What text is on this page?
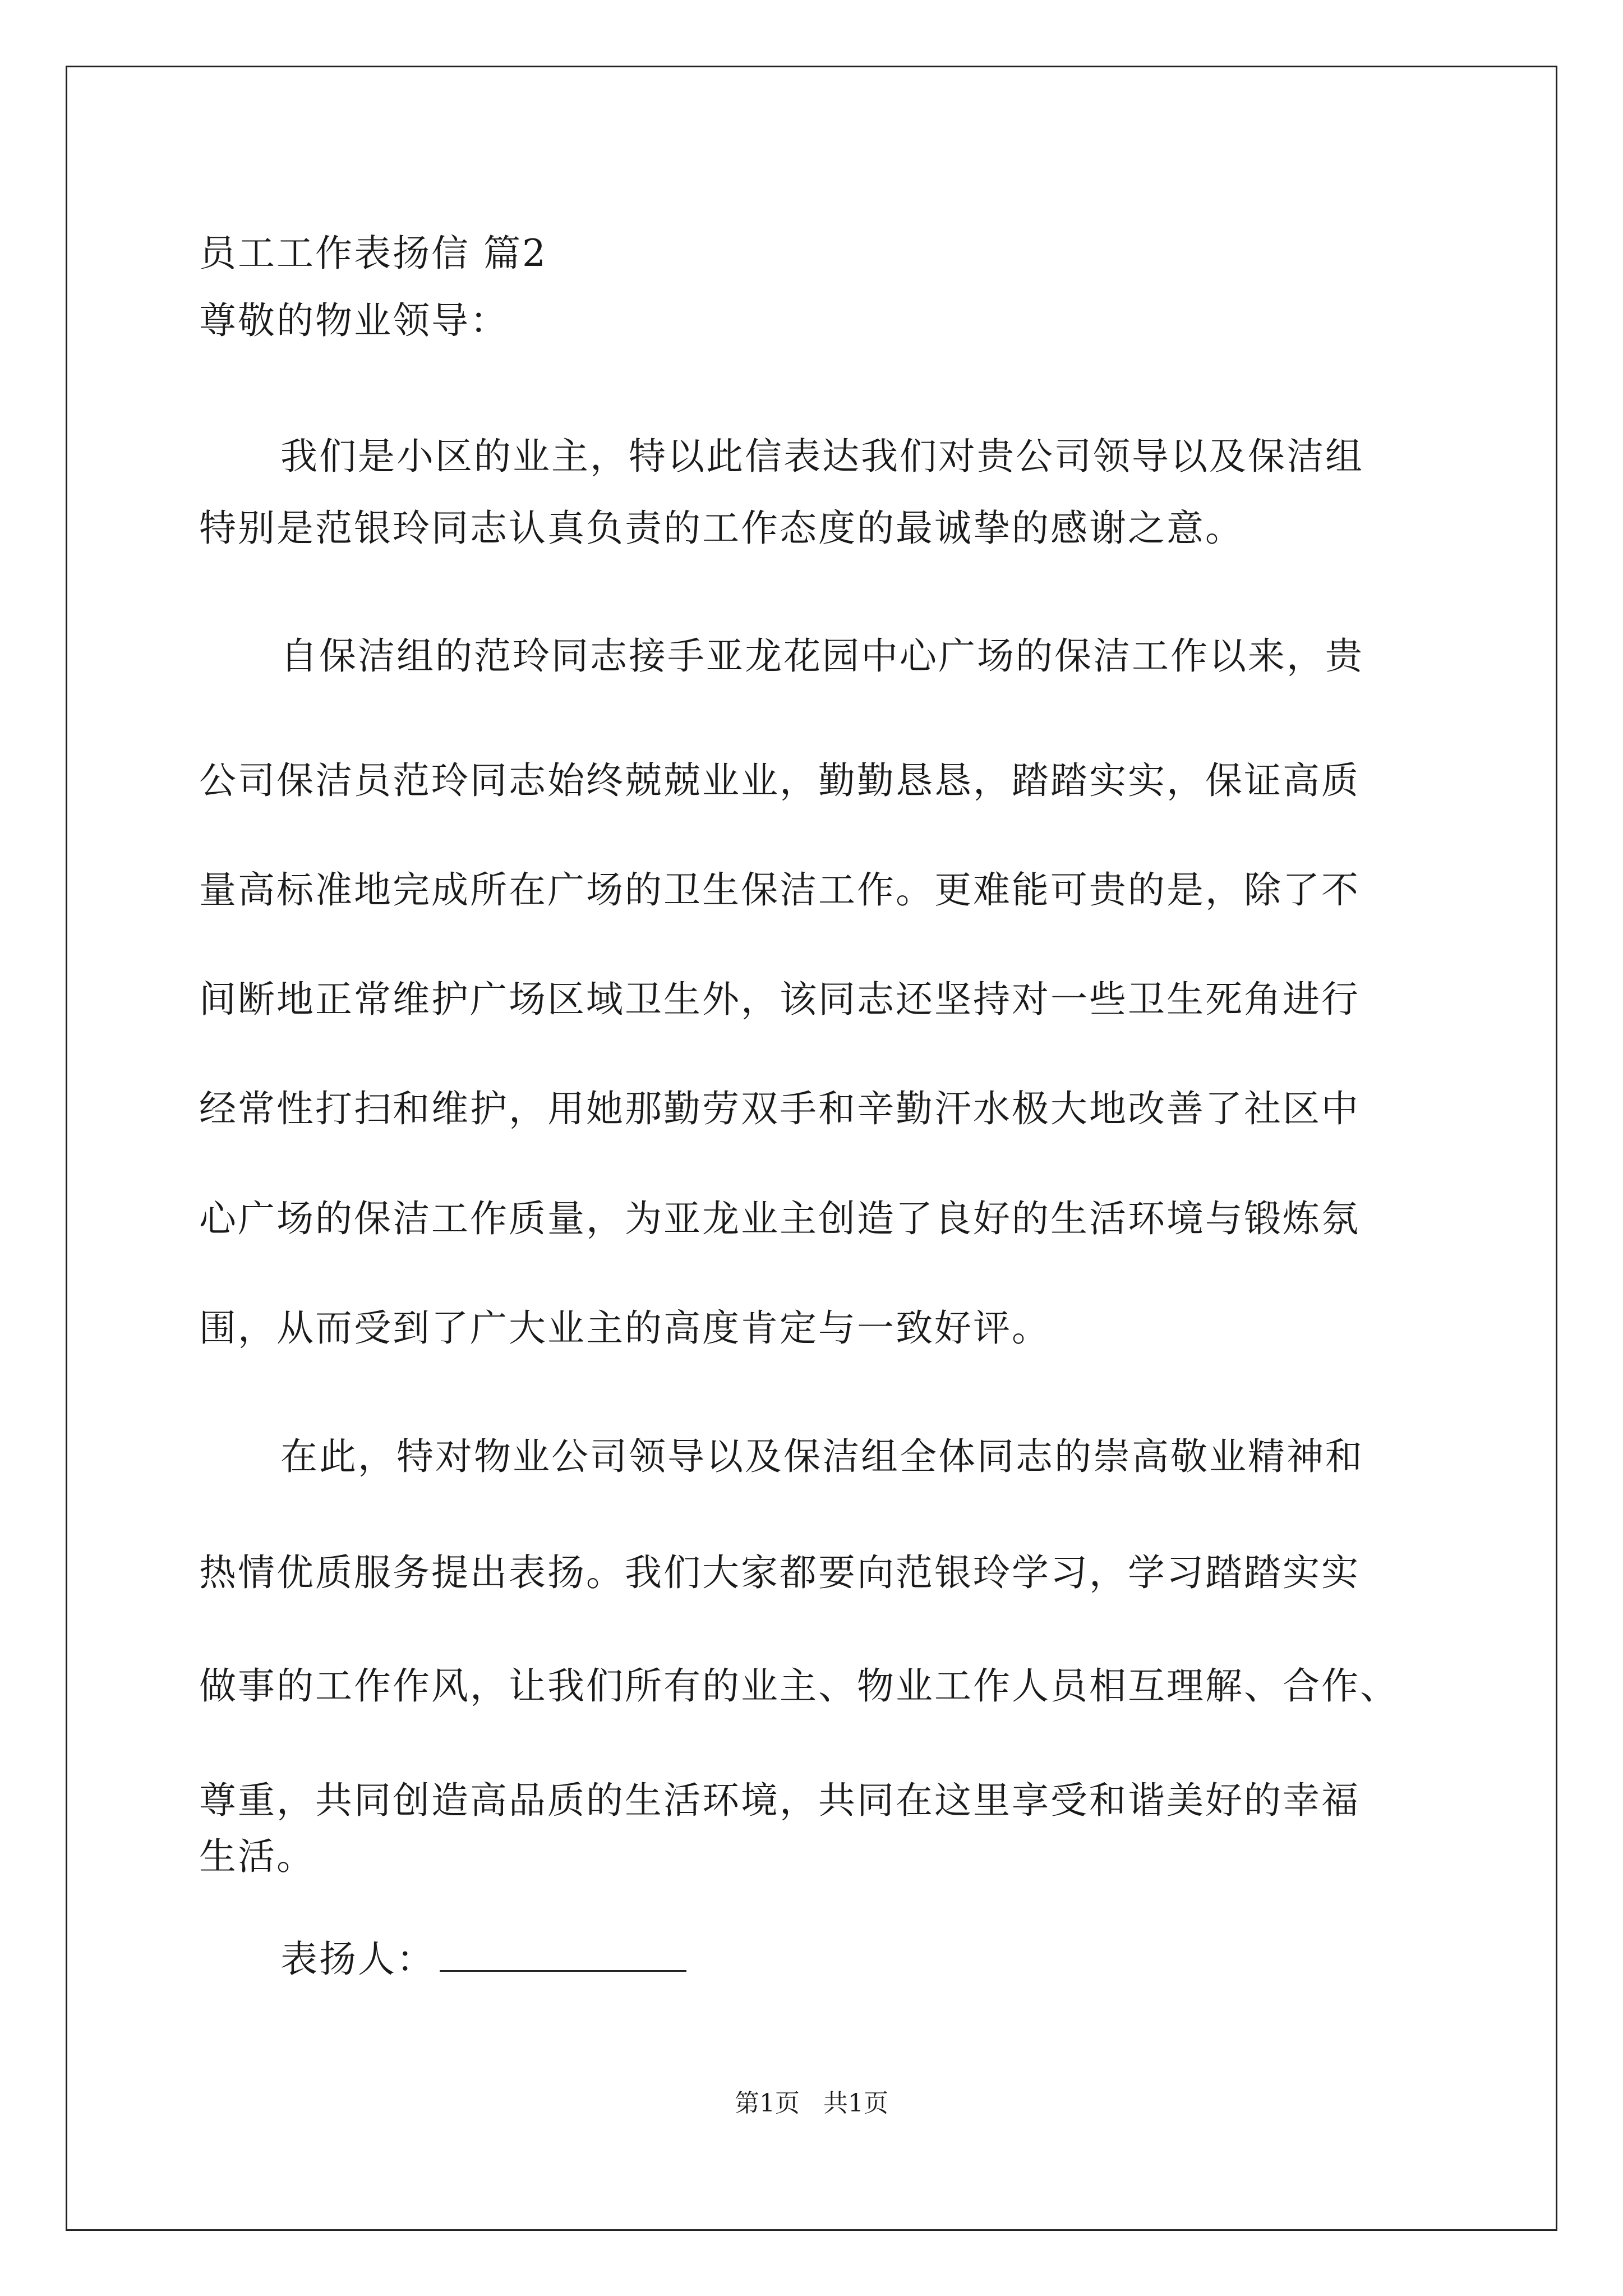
员工工作表扬信 篇2
尊敬的物业领导：
我们是小区的业主，特以此信表达我们对贵公司领导以及保洁组
特别是范银玲同志认真负责的工作态度的最诚挚的感谢之意。
自保洁组的范玲同志接手亚龙花园中心广场的保洁工作以来，贵
公司保洁员范玲同志始终兢兢业业，勤勤恳恳，踏踏实实，保证高质
量高标准地完成所在广场的卫生保洁工作。更难能可贵的是，除了不
间断地正常维护广场区域卫生外，该同志还坚持对一些卫生死角进行
经常性打扫和维护，用她那勤劳双手和辛勤汗水极大地改善了社区中
心广场的保洁工作质量，为亚龙业主创造了良好的生活环境与锻炼氛
围，从而受到了广大业主的高度肯定与一致好评。
在此，特对物业公司领导以及保洁组全体同志的崇高敬业精神和
热情优质服务提出表扬。我们大家都要向范银玲学习，学习踏踏实实
做事的工作作风，让我们所有的业主、物业工作人员相互理解、合作、
尊重，共同创造高品质的生活环境，共同在这里享受和谐美好的幸福
生活。
表扬人：
第1页   共1页
